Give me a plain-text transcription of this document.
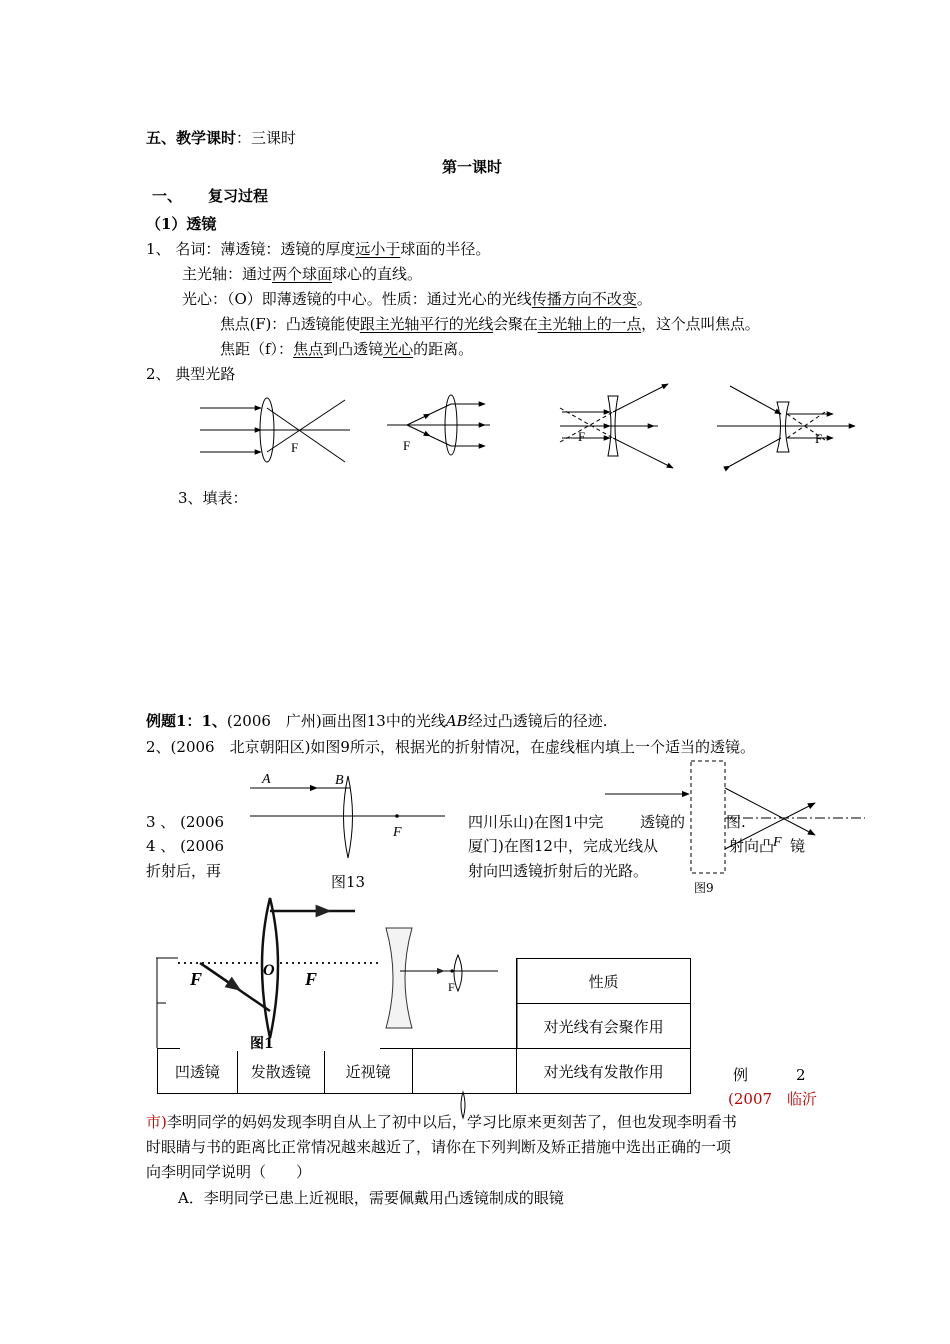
五、教学课时：三课时
第一课时
一、 复习过程
（1）透镜
1、 名词：薄透镜：透镜的厚度远小于球面的半径。
主光轴：通过两个球面球心的直线。
光心：（O）即薄透镜的中心。性质：通过光心的光线传播方向不改变。
焦点(F)：凸透镜能使跟主光轴平行的光线会聚在主光轴上的一点，这个点叫焦点。
焦距（f）：焦点到凸透镜光心的距离。
2、 典型光路
F	F
F	F
3、填表：
例题1：1、(2006　广州)画出图13中的光线AB经过凸透镜后的径迹.
2、(2006　北京朝阳区)如图9所示，根据光的折射情况，在虚线框内填上一个适当的透镜。
A	B
F
图13
F
图9
3 、 (2006	四川乐山)在图1中完 透镜的	图.
4 、 (2006	厦门)在图12中，完成光线从	射向凸 镜
折射后，再	射向凹透镜折射后的光路。
				性质
				对光线有会聚作用
凹透镜	发散透镜	近视镜		对光线有发散作用
F	O F	F
图1
例	2
(2007　临沂
市)李明同学的妈妈发现李明自从上了初中以后，学习比原来更刻苦了，但也发现李明看书
时眼睛与书的距离比正常情况越来越近了，请你在下列判断及矫正措施中选出正确的一项
向李明同学说明（　　）
A．李明同学已患上近视眼，需要佩戴用凸透镜制成的眼镜
